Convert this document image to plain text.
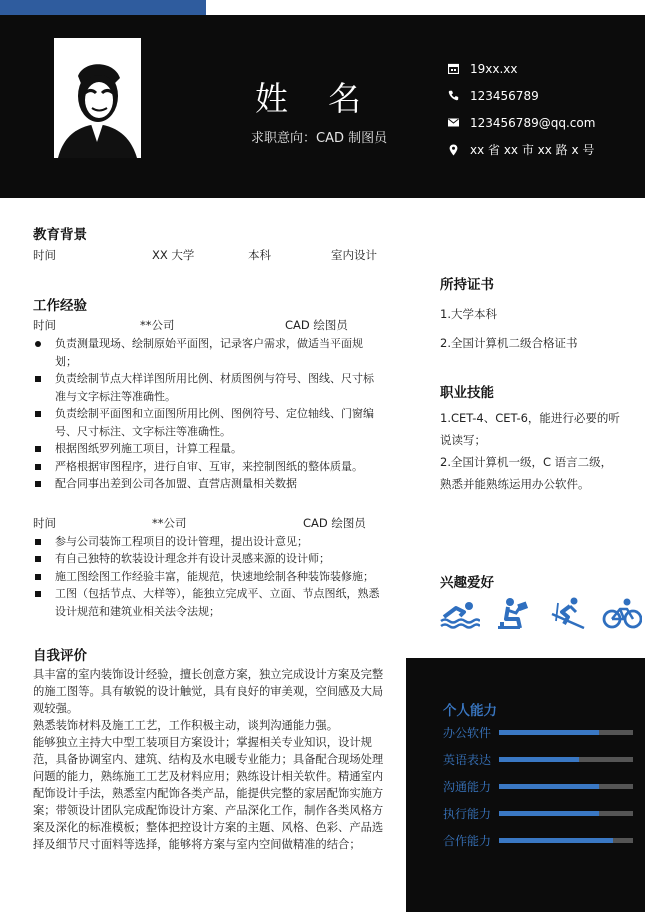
姓名
求职意向：CAD 制图员
19xx.xx
123456789
123456789@qq.com
xx 省 xx 市 xx 路 x 号
教育背景
时间	XX 大学	本科	室内设计
工作经验
时间	**公司	CAD 绘图员
负责测量现场、绘制原始平面图，记录客户需求，做适当平面规划；
负责绘制节点大样详图所用比例、材质图例与符号、图线、尺寸标准与文字标注等准确性。
负责绘制平面图和立面图所用比例、图例符号、定位轴线、门窗编号、尺寸标注、文字标注等准确性。
根据图纸罗列施工项目，计算工程量。
严格根据审图程序，进行自审、互审，来控制图纸的整体质量。
配合同事出差到公司各加盟、直营店测量相关数据
时间	**公司	CAD 绘图员
参与公司装饰工程项目的设计管理，提出设计意见；
有自己独特的软装设计理念并有设计灵感来源的设计师；
施工图绘图工作经验丰富，能规范，快速地绘制各种装饰装修施；
工图（包括节点、大样等），能独立完成平、立面、节点图纸，熟悉设计规范和建筑业相关法令法规；
自我评价

具丰富的室内装饰设计经验，擅长创意方案，独立完成设计方案及完整的施工图等。具有敏锐的设计触觉，具有良好的审美观，空间感及大局观较强。

熟悉装饰材料及施工工艺，工作积极主动，谈判沟通能力强。

能够独立主持大中型工装项目方案设计；掌握相关专业知识，设计规范，具备协调室内、建筑、结构及水电暖专业能力；具备配合现场处理问题的能力，熟练施工工艺及材料应用；熟练设计相关软件。精通室内配饰设计手法，熟悉室内配饰各类产品，能提供完整的家居配饰实施方案；带领设计团队完成配饰设计方案、产品深化工作，制作各类风格方案及深化的标准模板；整体把控设计方案的主题、风格、色彩、产品选择及细节尺寸面料等选择，能够将方案与室内空间做精准的结合；

所持证书
1.大学本科
2.全国计算机二级合格证书
职业技能

1.CET-4、CET-6，能进行必要的听说读写；

2.全国计算机一级，C 语言二级，熟悉并能熟练运用办公软件。

兴趣爱好
个人能力
办公软件
英语表达
沟通能力
执行能力
合作能力
